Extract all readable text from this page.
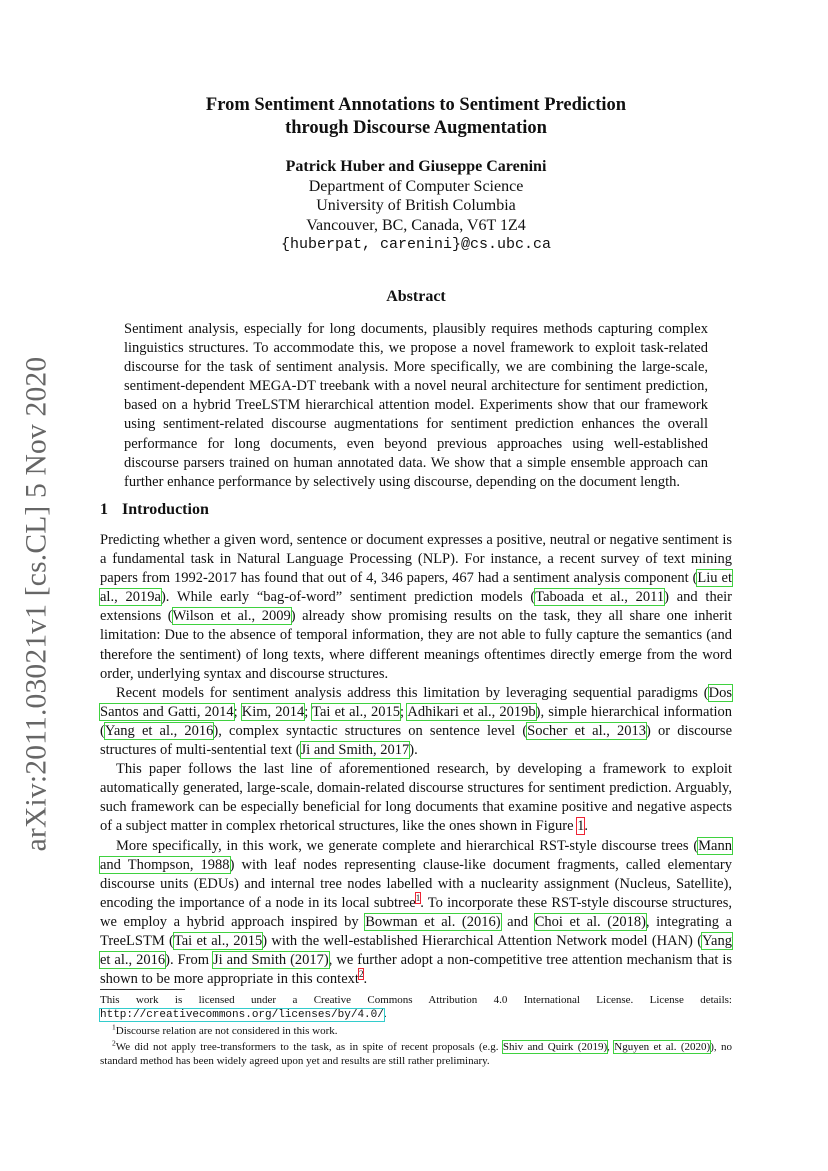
arXiv:2011.03021v1 [cs.CL] 5 Nov 2020
From Sentiment Annotations to Sentiment Prediction
through Discourse Augmentation
Patrick Huber and Giuseppe Carenini
Department of Computer Science
University of British Columbia
Vancouver, BC, Canada, V6T 1Z4
{huberpat, carenini}@cs.ubc.ca
Abstract

Sentiment analysis, especially for long documents, plausibly requires methods capturing complex linguistics structures. To accommodate this, we propose a novel framework to exploit task-related discourse for the task of sentiment analysis. More specifically, we are combining the large-scale, sentiment-dependent MEGA-DT treebank with a novel neural architecture for sentiment prediction, based on a hybrid TreeLSTM hierarchical attention model. Experiments show that our framework using sentiment-related discourse augmentations for sentiment prediction enhances the overall performance for long documents, even beyond previous approaches using well-established discourse parsers trained on human annotated data. We show that a simple ensemble approach can further enhance performance by selectively using discourse, depending on the document length.

1 Introduction

Predicting whether a given word, sentence or document expresses a positive, neutral or negative sentiment is a fundamental task in Natural Language Processing (NLP). For instance, a recent survey of text mining papers from 1992-2017 has found that out of 4, 346 papers, 467 had a sentiment analysis component (Liu et al., 2019a). While early “bag-of-word” sentiment prediction models (Taboada et al., 2011) and their extensions (Wilson et al., 2009) already show promising results on the task, they all share one inherit limitation: Due to the absence of temporal information, they are not able to fully capture the semantics (and therefore the sentiment) of long texts, where different meanings oftentimes directly emerge from the word order, underlying syntax and discourse structures.

Recent models for sentiment analysis address this limitation by leveraging sequential paradigms (Dos Santos and Gatti, 2014; Kim, 2014; Tai et al., 2015; Adhikari et al., 2019b), simple hierarchical information (Yang et al., 2016), complex syntactic structures on sentence level (Socher et al., 2013) or discourse structures of multi-sentential text (Ji and Smith, 2017).

This paper follows the last line of aforementioned research, by developing a framework to exploit automatically generated, large-scale, domain-related discourse structures for sentiment prediction. Arguably, such framework can be especially beneficial for long documents that examine positive and negative aspects of a subject matter in complex rhetorical structures, like the ones shown in Figure 1.

More specifically, in this work, we generate complete and hierarchical RST-style discourse trees (Mann and Thompson, 1988) with leaf nodes representing clause-like document fragments, called elementary discourse units (EDUs) and internal tree nodes labelled with a nuclearity assignment (Nucleus, Satellite), encoding the importance of a node in its local subtree$^1$. To incorporate these RST-style discourse structures, we employ a hybrid approach inspired by Bowman et al. (2016) and Choi et al. (2018), integrating a TreeLSTM (Tai et al., 2015) with the well-established Hierarchical Attention Network model (HAN) (Yang et al., 2016). From Ji and Smith (2017), we further adopt a non-competitive tree attention mechanism that is shown to be more appropriate in this context$^2$.

This work is licensed under a Creative Commons Attribution 4.0 International License. License details: http://creativecommons.org/licenses/by/4.0/.

$^1$Discourse relation are not considered in this work.

$^2$We did not apply tree-transformers to the task, as in spite of recent proposals (e.g. Shiv and Quirk (2019), Nguyen et al. (2020)), no standard method has been widely agreed upon yet and results are still rather preliminary.
